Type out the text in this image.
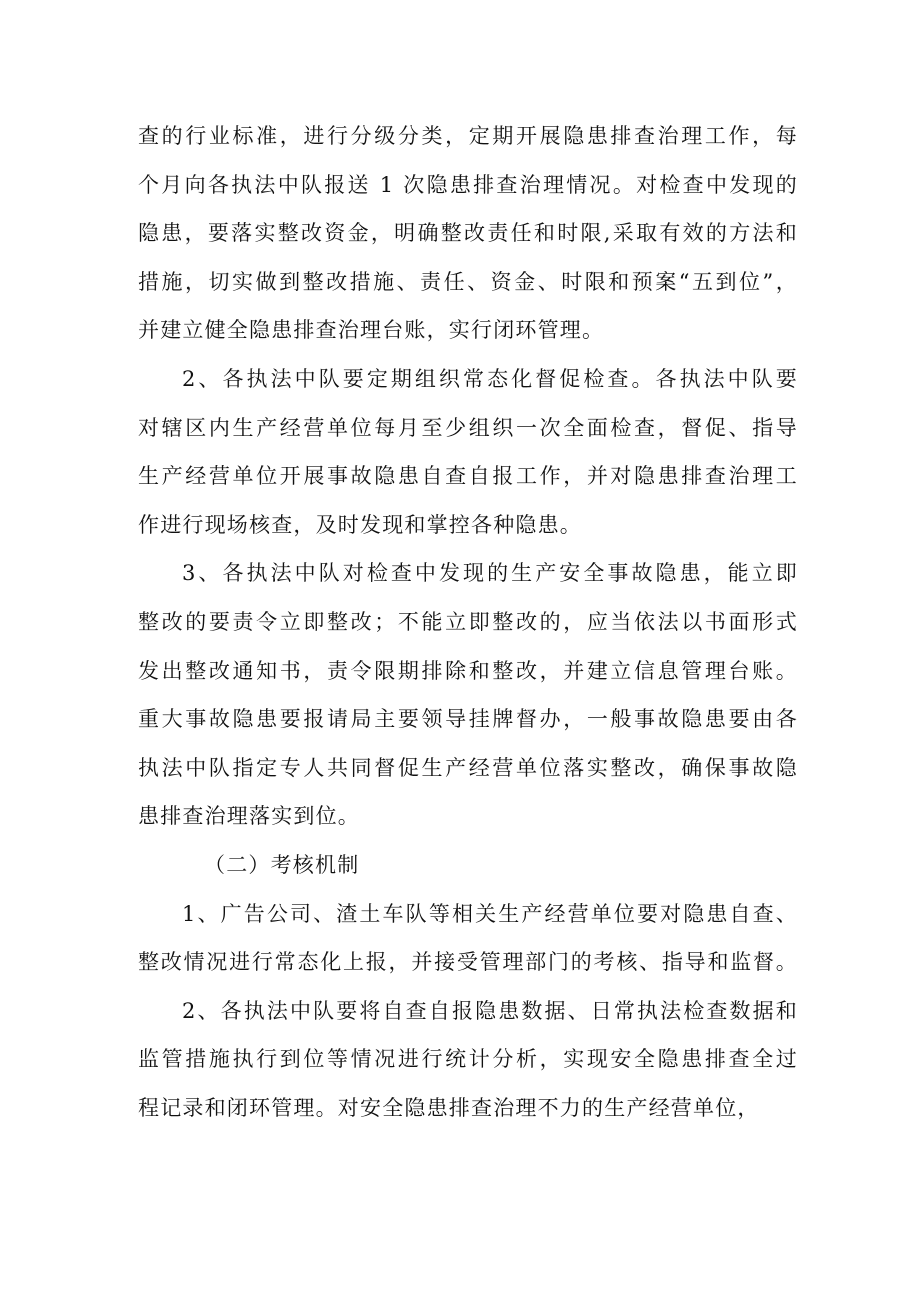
查的行业标准，进行分级分类，定期开展隐患排查治理工作，每
个月向各执法中队报送 1 次隐患排查治理情况。对检查中发现的
隐患，要落实整改资金，明确整改责任和时限,采取有效的方法和
措施，切实做到整改措施、责任、资金、时限和预案“五到位”，
并建立健全隐患排查治理台账，实行闭环管理。
2、各执法中队要定期组织常态化督促检查。各执法中队要
对辖区内生产经营单位每月至少组织一次全面检查，督促、指导
生产经营单位开展事故隐患自查自报工作，并对隐患排查治理工
作进行现场核查，及时发现和掌控各种隐患。
3、各执法中队对检查中发现的生产安全事故隐患，能立即
整改的要责令立即整改；不能立即整改的，应当依法以书面形式
发出整改通知书，责令限期排除和整改，并建立信息管理台账。
重大事故隐患要报请局主要领导挂牌督办，一般事故隐患要由各
执法中队指定专人共同督促生产经营单位落实整改，确保事故隐
患排查治理落实到位。
（二）考核机制
1、广告公司、渣土车队等相关生产经营单位要对隐患自查、
整改情况进行常态化上报，并接受管理部门的考核、指导和监督。
2、各执法中队要将自查自报隐患数据、日常执法检查数据和
监管措施执行到位等情况进行统计分析，实现安全隐患排查全过
程记录和闭环管理。对安全隐患排查治理不力的生产经营单位，
